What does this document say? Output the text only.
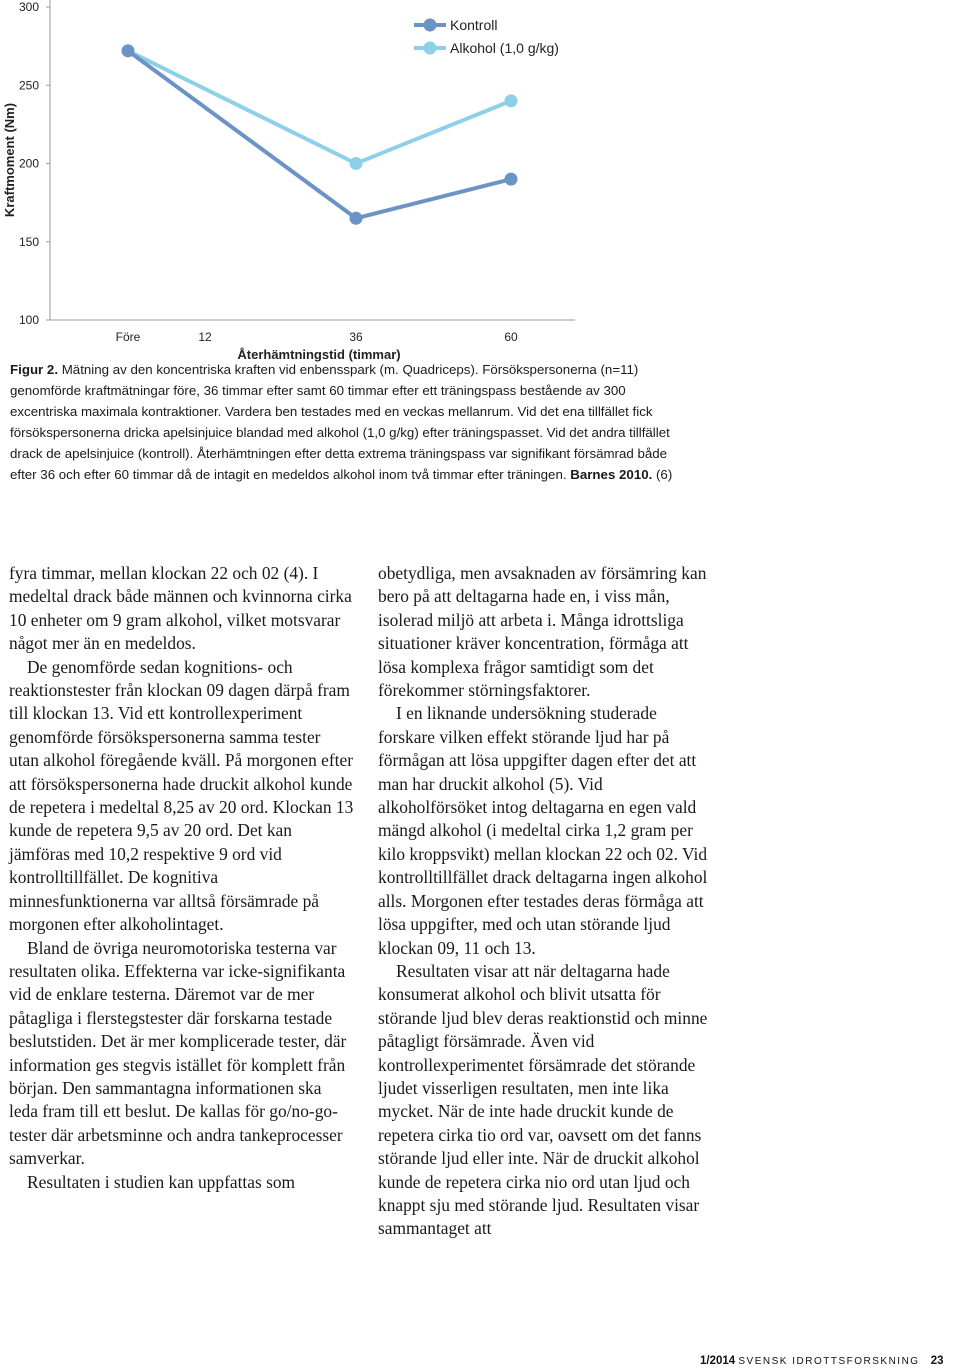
100
150
200
250
300
Före	12	36	60
Kraftmoment (Nm)
Återhämtningstid (timmar)
Kontroll
Alkohol (1,0 g/kg)

Figur 2. Mätning av den koncentriska kraften vid enbensspark (m. Quadriceps). Försökspersonerna (n=11) genomförde kraftmätningar före, 36 timmar efter samt 60 timmar efter ett träningspass bestående av 300 excentriska maximala kontraktioner. Vardera ben testades med en veckas mellanrum. Vid det ena tillfället fick försökspersonerna dricka apelsinjuice blandad med alkohol (1,0 g/kg) efter träningspasset. Vid det andra tillfället drack de apelsinjuice (kontroll). Återhämtningen efter detta extrema träningspass var signifikant försämrad både efter 36 och efter 60 timmar då de intagit en medeldos alkohol inom två timmar efter träningen. Barnes 2010. (6)

fyra timmar, mellan klockan 22 och 02 (4). I medeltal drack både männen och kvinnorna cirka 10 enheter om 9 gram alkohol, vilket motsvarar något mer än en medeldos.

De genomförde sedan kognitions- och reaktionstester från klockan 09 dagen därpå fram till klockan 13. Vid ett kontrollexperiment genomförde försökspersonerna samma tester utan alkohol föregående kväll. På morgonen efter att försökspersonerna hade druckit alkohol kunde de repetera i medeltal 8,25 av 20 ord. Klockan 13 kunde de repetera 9,5 av 20 ord. Det kan jämföras med 10,2 respektive 9 ord vid kontrolltillfället. De kognitiva minnesfunktionerna var alltså försämrade på morgonen efter alkoholintaget.

Bland de övriga neuromotoriska testerna var resultaten olika. Effekterna var icke-signifikanta vid de enklare testerna. Däremot var de mer påtagliga i flerstegstester där forskarna testade beslutstiden. Det är mer komplicerade tester, där information ges stegvis istället för komplett från början. Den sammantagna informationen ska leda fram till ett beslut. De kallas för go/no-go-tester där arbetsminne och andra tankeprocesser samverkar.

Resultaten i studien kan uppfattas som

obetydliga, men avsaknaden av försämring kan bero på att deltagarna hade en, i viss mån, isolerad miljö att arbeta i. Många idrottsliga situationer kräver koncentration, förmåga att lösa komplexa frågor samtidigt som det förekommer störningsfaktorer.

I en liknande undersökning studerade forskare vilken effekt störande ljud har på förmågan att lösa uppgifter dagen efter det att man har druckit alkohol (5). Vid alkoholförsöket intog deltagarna en egen vald mängd alkohol (i medeltal cirka 1,2 gram per kilo kroppsvikt) mellan klockan 22 och 02. Vid kontrolltillfället drack deltagarna ingen alkohol alls. Morgonen efter testades deras förmåga att lösa uppgifter, med och utan störande ljud klockan 09, 11 och 13.

Resultaten visar att när deltagarna hade konsumerat alkohol och blivit utsatta för störande ljud blev deras reaktionstid och minne påtagligt försämrade. Även vid kontrollexperimentet försämrade det störande ljudet visserligen resultaten, men inte lika mycket. När de inte hade druckit kunde de repetera cirka tio ord var, oavsett om det fanns störande ljud eller inte. När de druckit alkohol kunde de repetera cirka nio ord utan ljud och knappt sju med störande ljud. Resultaten visar sammantaget att

1/2014 SVENSK IDROTTSFORSKNING 23
